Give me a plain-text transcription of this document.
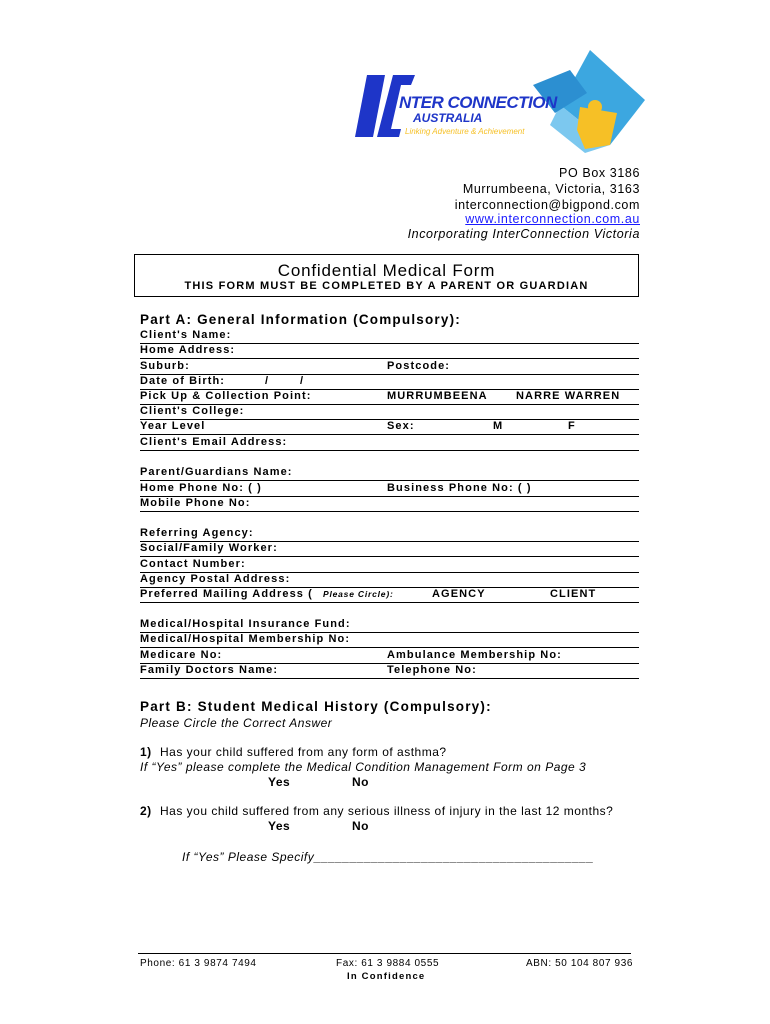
NTER CONNECTION
AUSTRALIA
Linking Adventure & Achievement
PO Box 3186
Murrumbeena, Victoria, 3163
interconnection@bigpond.com
www.interconnection.com.au
Incorporating InterConnection Victoria
Confidential Medical Form
THIS FORM MUST BE COMPLETED BY A PARENT OR GUARDIAN
Part A: General Information (Compulsory):
Client's Name:
Home Address:
Suburb:	Postcode:
Date of Birth:	/	/
Pick Up & Collection Point:	MURRUMBEENA	NARRE WARREN
Client's College:
Year Level	Sex:	M	F
Client's Email Address:
Parent/Guardians Name:
Home Phone No: ( )	Business Phone No: ( )
Mobile Phone No:
Referring Agency:
Social/Family Worker:
Contact Number:
Agency Postal Address:
Preferred Mailing Address ( Please Circle):	AGENCY	CLIENT
Medical/Hospital Insurance Fund:
Medical/Hospital Membership No:
Medicare No:	Ambulance Membership No:
Family Doctors Name:	Telephone No:
Part B: Student Medical History (Compulsory):
Please Circle the Correct Answer
1) Has your child suffered from any form of asthma?
If “Yes” please complete the Medical Condition Management Form on Page 3
Yes	No
2) Has you child suffered from any serious illness of injury in the last 12 months?
Yes	No
If “Yes” Please Specify_______________________________________
Phone: 61 3 9874 7494	Fax: 61 3 9884 0555	ABN: 50 104 807 936
In Confidence
